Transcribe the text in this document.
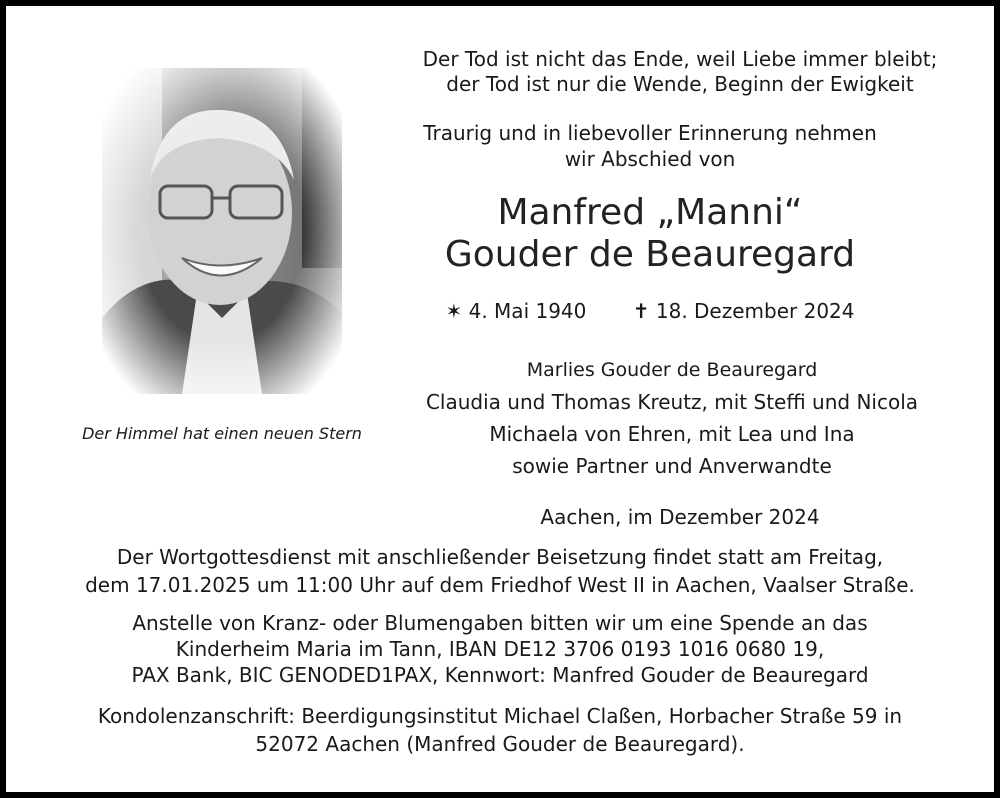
Der Tod ist nicht das Ende, weil Liebe immer bleibt;
der Tod ist nur die Wende, Beginn der Ewigkeit
Traurig und in liebevoller Erinnerung nehmen
wir Abschied von
Manfred „Manni“
Gouder de Beauregard
✶ 4. Mai 1940 ✝ 18. Dezember 2024
Marlies Gouder de Beauregard
Claudia und Thomas Kreutz, mit Steffi und Nicola
Michaela von Ehren, mit Lea und Ina
sowie Partner und Anverwandte
Aachen, im Dezember 2024
Der Himmel hat einen neuen Stern
Der Wortgottesdienst mit anschließender Beisetzung findet statt am Freitag,
dem 17.01.2025 um 11:00 Uhr auf dem Friedhof West II in Aachen, Vaalser Straße.
Anstelle von Kranz- oder Blumengaben bitten wir um eine Spende an das
Kinderheim Maria im Tann, IBAN DE12 3706 0193 1016 0680 19,
PAX Bank, BIC GENODED1PAX, Kennwort: Manfred Gouder de Beauregard
Kondolenzanschrift: Beerdigungsinstitut Michael Claßen, Horbacher Straße 59 in
52072 Aachen (Manfred Gouder de Beauregard).
